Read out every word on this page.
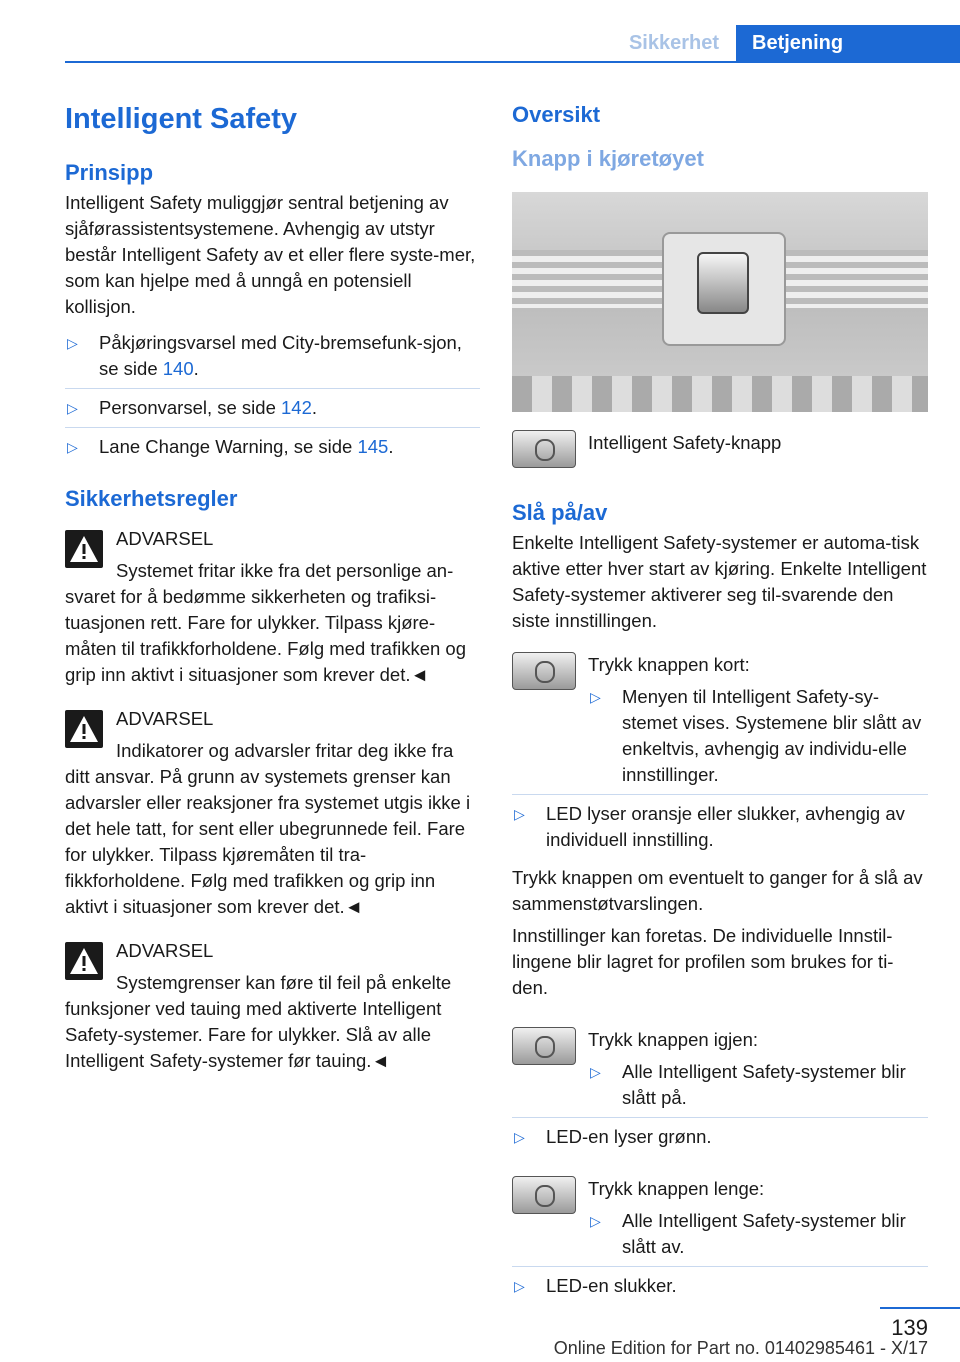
Sikkerhet	Betjening
Intelligent Safety
Prinsipp

Intelligent Safety muliggjør sentral betjening av sjåførassistentsystemene. Avhengig av utstyr består Intelligent Safety av et eller flere syste-mer, som kan hjelpe med å unngå en potensiell kollisjon.

▷ Påkjøringsvarsel med City-bremsefunk-sjon, se side 140.
▷ Personvarsel, se side 142.
▷ Lane Change Warning, se side 145.
Sikkerhetsregler
ADVARSEL
Systemet fritar ikke fra det personlige an-svaret for å bedømme sikkerheten og trafiksi-tuasjonen rett. Fare for ulykker. Tilpass kjøre-måten til trafikkforholdene. Følg med trafikken og grip inn aktivt i situasjoner som krever det.◄
ADVARSEL
Indikatorer og advarsler fritar deg ikke fra ditt ansvar. På grunn av systemets grenser kan advarsler eller reaksjoner fra systemet utgis ikke i det hele tatt, for sent eller ubegrunnede feil. Fare for ulykker. Tilpass kjøremåten til tra-fikkforholdene. Følg med trafikken og grip inn aktivt i situasjoner som krever det.◄
ADVARSEL
Systemgrenser kan føre til feil på enkelte funksjoner ved tauing med aktiverte Intelligent Safety-systemer. Fare for ulykker. Slå av alle Intelligent Safety-systemer før tauing.◄
Oversikt
Knapp i kjøretøyet

Intelligent Safety-knapp

Slå på/av

Enkelte Intelligent Safety-systemer er automa-tisk aktive etter hver start av kjøring. Enkelte Intelligent Safety-systemer aktiverer seg til-svarende den siste innstillingen.

Trykk knappen kort:

▷ Menyen til Intelligent Safety-sy-stemet vises. Systemene blir slått av enkeltvis, avhengig av individu-elle innstillinger.
▷ LED lyser oransje eller slukker, avhengig av individuell innstilling.

Trykk knappen om eventuelt to ganger for å slå av sammenstøtvarslingen.

Innstillinger kan foretas. De individuelle Innstil-lingene blir lagret for profilen som brukes for ti-den.

Trykk knappen igjen:

▷ Alle Intelligent Safety-systemer blir slått på.
▷ LED-en lyser grønn.

Trykk knappen lenge:

▷ Alle Intelligent Safety-systemer blir slått av.
▷ LED-en slukker.
139
Online Edition for Part no. 01402985461 - X/17
